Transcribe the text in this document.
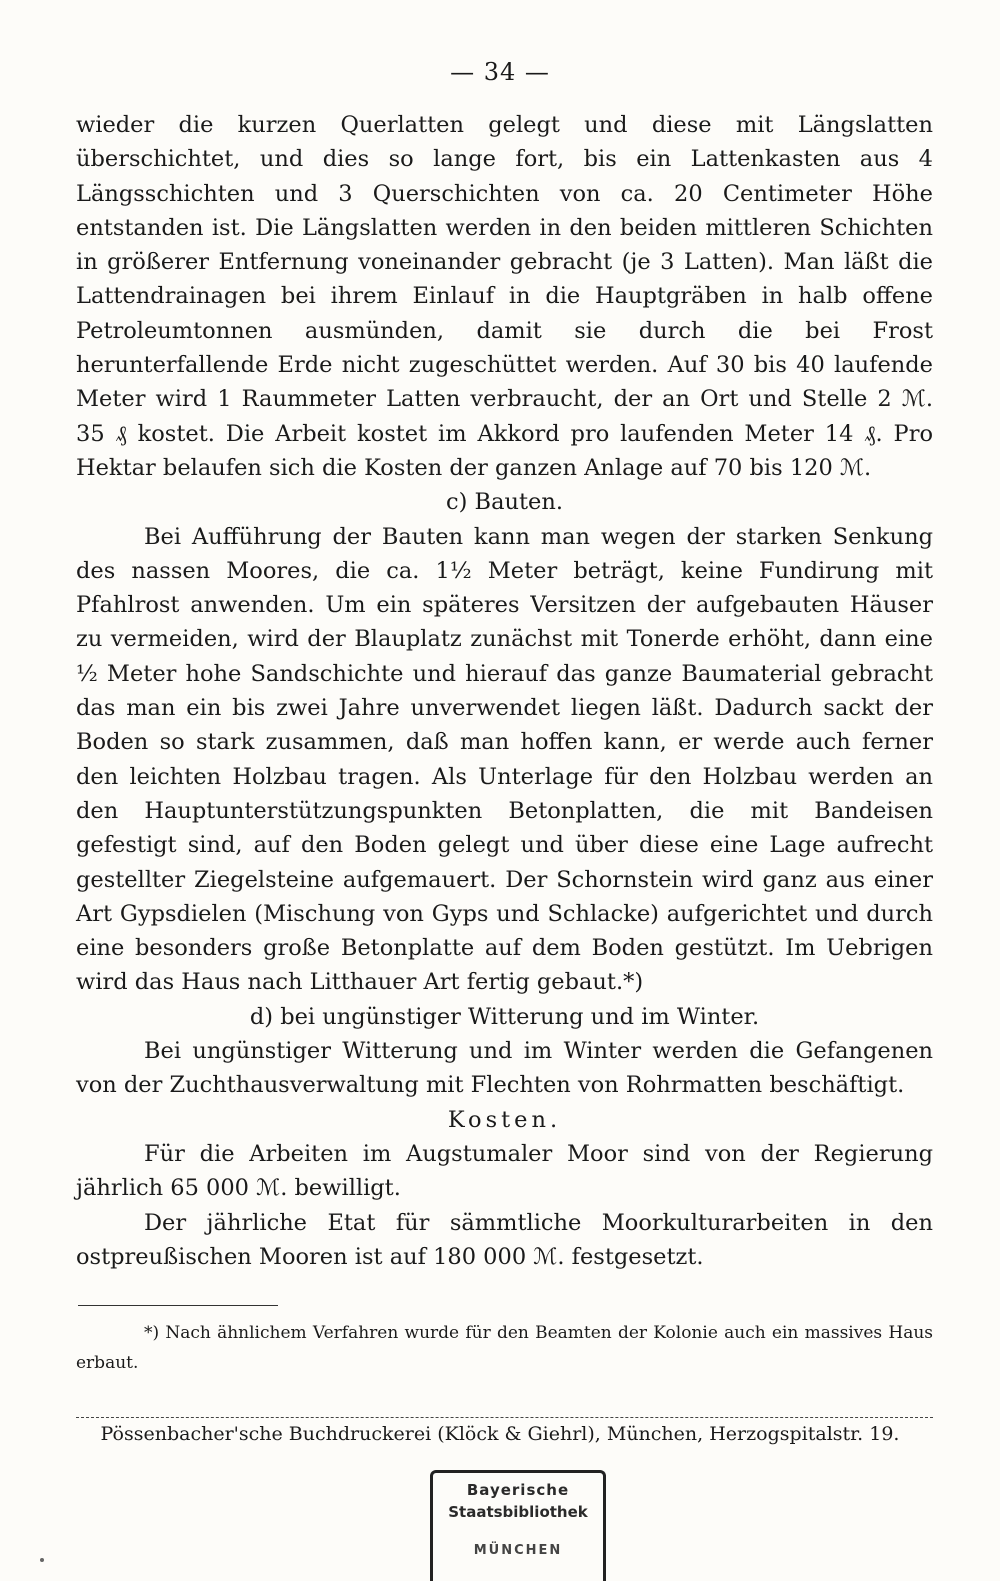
— 34 —

wieder die kurzen Querlatten gelegt und diese mit Längslatten überschichtet, und dies so lange fort, bis ein Lattenkasten aus 4 Längsschichten und 3 Querschichten von ca. 20 Centimeter Höhe entstanden ist. Die Längslatten werden in den beiden mittleren Schichten in größerer Entfernung voneinander gebracht (je 3 Latten). Man läßt die Lattendrainagen bei ihrem Einlauf in die Hauptgräben in halb offene Petroleumtonnen ausmünden, damit sie durch die bei Frost herunterfallende Erde nicht zugeschüttet werden. Auf 30 bis 40 laufende Meter wird 1 Raummeter Latten verbraucht, der an Ort und Stelle 2 ℳ. 35 ₰ kostet. Die Arbeit kostet im Akkord pro laufenden Meter 14 ₰. Pro Hektar belaufen sich die Kosten der ganzen Anlage auf 70 bis 120 ℳ.

c) Bauten.

Bei Aufführung der Bauten kann man wegen der starken Senkung des nassen Moores, die ca. 1½ Meter beträgt, keine Fundirung mit Pfahlrost anwenden. Um ein späteres Versitzen der aufgebauten Häuser zu vermeiden, wird der Blauplatz zunächst mit Tonerde erhöht, dann eine ½ Meter hohe Sandschichte und hierauf das ganze Baumaterial gebracht das man ein bis zwei Jahre unverwendet liegen läßt. Dadurch sackt der Boden so stark zusammen, daß man hoffen kann, er werde auch ferner den leichten Holzbau tragen. Als Unterlage für den Holzbau werden an den Hauptunterstützungspunkten Betonplatten, die mit Bandeisen gefestigt sind, auf den Boden gelegt und über diese eine Lage aufrecht gestellter Ziegelsteine aufgemauert. Der Schornstein wird ganz aus einer Art Gypsdielen (Mischung von Gyps und Schlacke) aufgerichtet und durch eine besonders große Betonplatte auf dem Boden gestützt. Im Uebrigen wird das Haus nach Litthauer Art fertig gebaut.*)

d) bei ungünstiger Witterung und im Winter.

Bei ungünstiger Witterung und im Winter werden die Gefangenen von der Zuchthausverwaltung mit Flechten von Rohrmatten beschäftigt.

Kosten.

Für die Arbeiten im Augstumaler Moor sind von der Regierung jährlich 65 000 ℳ. bewilligt.

Der jährliche Etat für sämmtliche Moorkulturarbeiten in den ostpreußischen Mooren ist auf 180 000 ℳ. festgesetzt.

*) Nach ähnlichem Verfahren wurde für den Beamten der Kolonie auch ein massives Haus erbaut.
Pössenbacher'sche Buchdruckerei (Klöck & Giehrl), München, Herzogspitalstr. 19.
Bayerische
Staatsbibliothek
MÜNCHEN
